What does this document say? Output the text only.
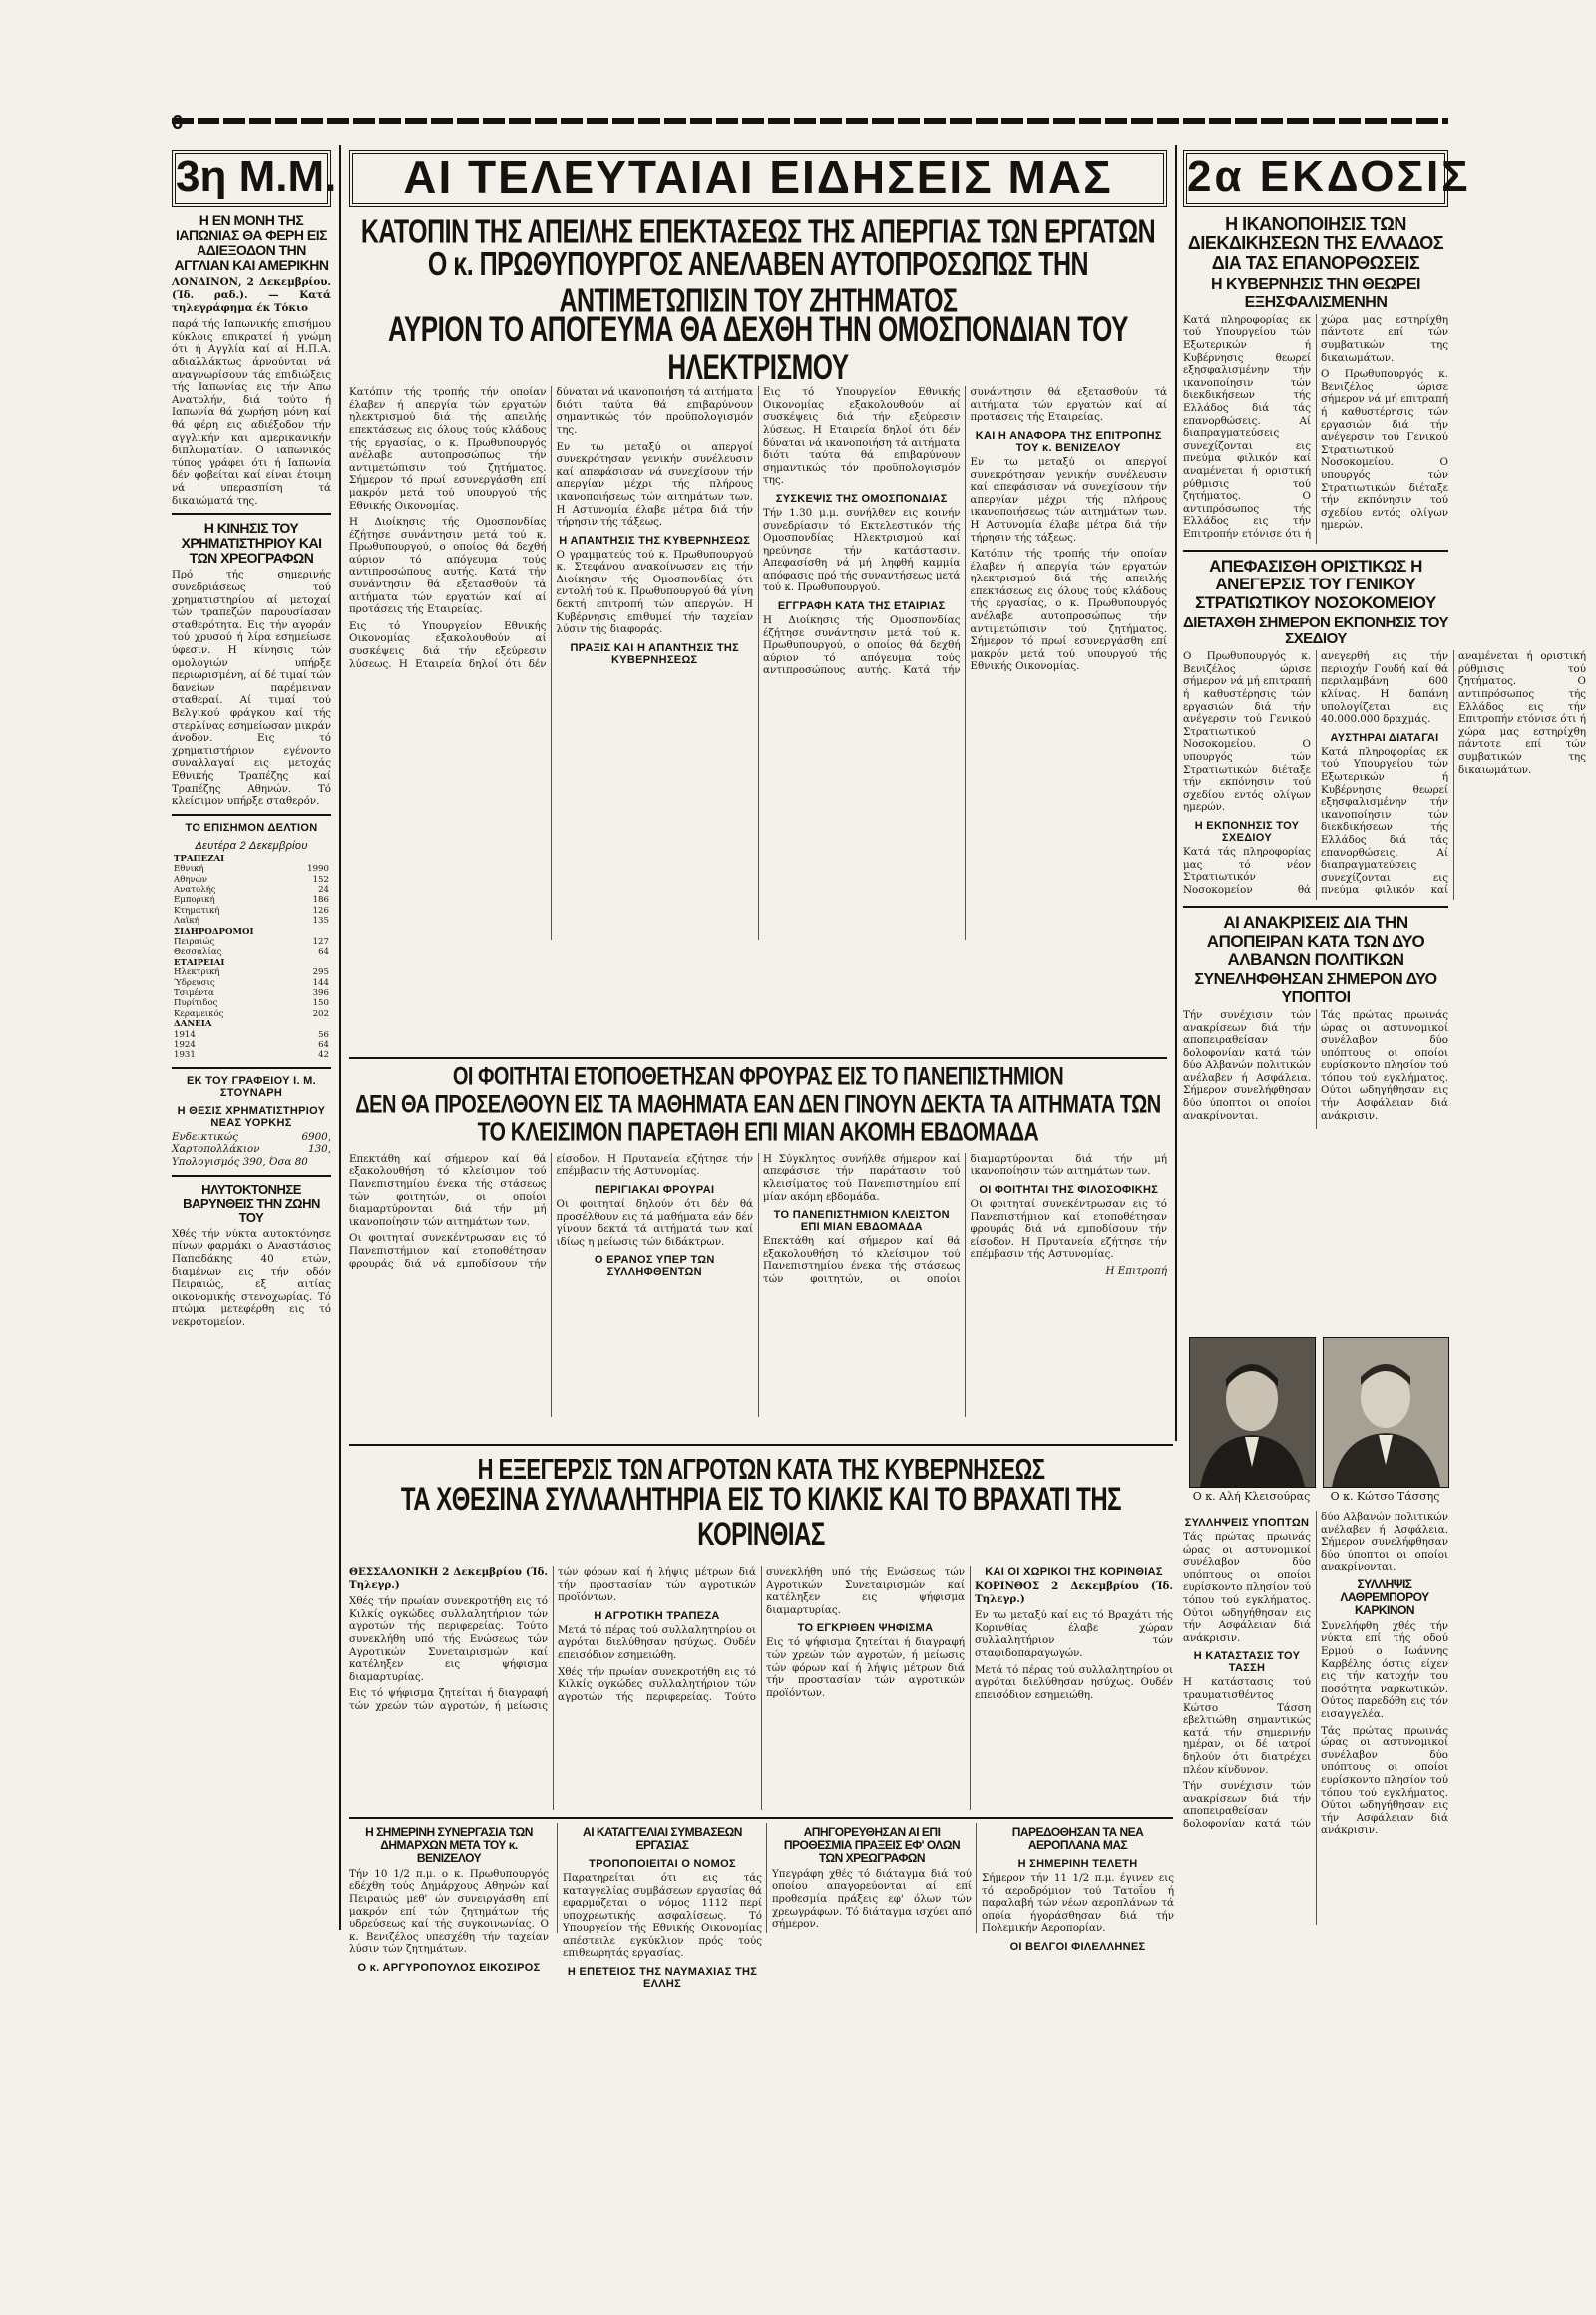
3η Μ.Μ.
Η ΕΝ ΜΟΝΗ ΤΗΣ ΙΑΠΩΝΙΑΣ ΘΑ ΦΕΡΗ ΕΙΣ ΑΔΙΕΞΟΔΟΝ ΤΗΝ ΑΓΓΛΙΑΝ ΚΑΙ ΑΜΕΡΙΚΗΝ

ΛΟΝΔΙΝΟΝ, 2 Δεκεμβρίου. (Ίδ. ραδ.). — Κατά τηλεγράφημα έκ Τόκιο

παρά τής Ιαπωνικής επισήμου κύκλοις επικρατεί ή γνώμη ότι ή Αγγλία καί αί Η.Π.Α. αδιαλλάκτως άρνούνται νά αναγνωρίσουν τάς επιδιώξεις τής Ιαπωνίας εις τήν Απω Ανατολήν, διά τούτο ή Ιαπωνία θά χωρήση μόνη καί θά φέρη εις αδιέξοδον τήν αγγλικήν και αμερικανικήν διπλωματίαν. Ο ιαπωνικός τύπος γράφει ότι ή Ιαπωνία δέν φοβείται καί είναι έτοιμη νά υπερασπίση τά δικαιώματά της.

Η ΚΙΝΗΣΙΣ ΤΟΥ ΧΡΗΜΑΤΙΣΤΗΡΙΟΥ ΚΑΙ ΤΩΝ ΧΡΕΟΓΡΑΦΩΝ

Πρό τής σημερινής συνεδριάσεως τού χρηματιστηρίου αί μετοχαί τών τραπεζών παρουσίασαν σταθερότητα. Εις τήν αγοράν τού χρυσού ή λίρα εσημείωσε ύφεσιν. Η κίνησις τών ομολογιών υπήρξε περιωρισμένη, αί δέ τιμαί τών δανείων παρέμειναν σταθεραί. Αί τιμαί τού Βελγικού φράγκου καί τής στερλίνας εσημείωσαν μικράν άνοδον. Εις τό χρηματιστήριον εγένοντο συναλλαγαί εις μετοχάς Εθνικής Τραπέζης καί Τραπέζης Αθηνών. Τό κλείσιμον υπήρξε σταθερόν.

ΤΟ ΕΠΙΣΗΜΟΝ ΔΕΛΤΙΟΝ
Δευτέρα 2 Δεκεμβρίου
ΤΡΑΠΕΖΑΙ	
Εθνική	1990
Αθηνών	152
Ανατολής	24
Εμπορική	186
Κτηματική	126
Λαϊκή	135
ΣΙΔΗΡΟΔΡΟΜΟΙ	
Πειραιώς	127
Θεσσαλίας	64
ΕΤΑΙΡΕΙΑΙ	
Ηλεκτρική	295
Ύδρευσις	144
Τσιμέντα	396
Πυρίτιδος	150
Κεραμεικός	202
ΔΑΝΕΙΑ	
1914	56
1924	64
1931	42
ΕΚ ΤΟΥ ΓΡΑΦΕΙΟΥ Ι. Μ. ΣΤΟΥΝΑΡΗ
Η ΘΕΣΙΣ ΧΡΗΜΑΤΙΣΤΗΡΙΟΥ ΝΕΑΣ ΥΟΡΚΗΣ

Ενδεικτικώς 6900, Χαρτοπολλάκιον 130, Υπολογισμός 390, Όσα 80

ΗΛΥΤΟΚΤΟΝΗΣΕ ΒΑΡΥΝΘΕΙΣ ΤΗΝ ΖΩΗΝ ΤΟΥ

Χθές τήν νύκτα αυτοκτόνησε πίνων φαρμάκι ο Αναστάσιος Παπαδάκης 40 ετών, διαμένων εις τήν οδόν Πειραιώς, εξ αιτίας οικονομικής στενοχωρίας. Τό πτώμα μετεφέρθη εις τό νεκροτομείον.

ΑΙ ΤΕΛΕΥΤΑΙΑΙ ΕΙΔΗΣΕΙΣ ΜΑΣ
ΚΑΤΟΠΙΝ ΤΗΣ ΑΠΕΙΛΗΣ ΕΠΕΚΤΑΣΕΩΣ ΤΗΣ ΑΠΕΡΓΙΑΣ ΤΩΝ ΕΡΓΑΤΩΝ
Ο κ. ΠΡΩΘΥΠΟΥΡΓΟΣ ΑΝΕΛΑΒΕΝ ΑΥΤΟΠΡΟΣΩΠΩΣ ΤΗΝ ΑΝΤΙΜΕΤΩΠΙΣΙΝ ΤΟΥ ΖΗΤΗΜΑΤΟΣ
ΑΥΡΙΟΝ ΤΟ ΑΠΟΓΕΥΜΑ ΘΑ ΔΕΧΘΗ ΤΗΝ ΟΜΟΣΠΟΝΔΙΑΝ ΤΟΥ ΗΛΕΚΤΡΙΣΜΟΥ

Κατόπιν τής τροπής τήν οποίαν έλαβεν ή απεργία τών εργατών ηλεκτρισμού διά τής απειλής επεκτάσεως εις όλους τούς κλάδους τής εργασίας, ο κ. Πρωθυπουργός ανέλαβε αυτοπροσώπως τήν αντιμετώπισιν τού ζητήματος. Σήμερον τό πρωί εσυνεργάσθη επί μακρόν μετά τού υπουργού τής Εθνικής Οικονομίας.

Η Διοίκησις τής Ομοσπονδίας έζήτησε συνάντησιν μετά τού κ. Πρωθυπουργού, ο οποίος θά δεχθή αύριον τό απόγευμα τούς αντιπροσώπους αυτής. Κατά τήν συνάντησιν θά εξετασθούν τά αιτήματα τών εργατών καί αί προτάσεις τής Εταιρείας.

Εις τό Υπουργείον Εθνικής Οικονομίας εξακολουθούν αί συσκέψεις διά τήν εξεύρεσιν λύσεως. Η Εταιρεία δηλοί ότι δέν δύναται νά ικανοποιήση τά αιτήματα διότι ταύτα θά επιβαρύνουν σημαντικώς τόν προϋπολογισμόν της.

Εν τω μεταξύ οι απεργοί συνεκρότησαν γενικήν συνέλευσιν καί απεφάσισαν νά συνεχίσουν τήν απεργίαν μέχρι τής πλήρους ικανοποιήσεως τών αιτημάτων των. Η Αστυνομία έλαβε μέτρα διά τήν τήρησιν τής τάξεως.

Η ΑΠΑΝΤΗΣΙΣ ΤΗΣ ΚΥΒΕΡΝΗΣΕΩΣ

Ο γραμματεύς τού κ. Πρωθυπουργού κ. Στεφάνου ανακοίνωσεν εις τήν Διοίκησιν τής Ομοσπονδίας ότι εντολή τού κ. Πρωθυπουργού θά γίνη δεκτή επιτροπή τών απεργών. Η Κυβέρνησις επιθυμεί τήν ταχείαν λύσιν τής διαφοράς.

ΠΡΑΞΙΣ ΚΑΙ Η ΑΠΑΝΤΗΣΙΣ ΤΗΣ ΚΥΒΕΡΝΗΣΕΩΣ

Εις τό Υπουργείον Εθνικής Οικονομίας εξακολουθούν αί συσκέψεις διά τήν εξεύρεσιν λύσεως. Η Εταιρεία δηλοί ότι δέν δύναται νά ικανοποιήση τά αιτήματα διότι ταύτα θά επιβαρύνουν σημαντικώς τόν προϋπολογισμόν της.

ΣΥΣΚΕΨΙΣ ΤΗΣ ΟΜΟΣΠΟΝΔΙΑΣ

Τήν 1.30 μ.μ. συνήλθεν εις κοινήν συνεδρίασιν τό Εκτελεστικόν τής Ομοσπονδίας Ηλεκτρισμού καί ηρεύνησε τήν κατάστασιν. Απεφασίσθη νά μή ληφθή καμμία απόφασις πρό τής συναντήσεως μετά τού κ. Πρωθυπουργού.

ΕΓΓΡΑΦΗ ΚΑΤΑ ΤΗΣ ΕΤΑΙΡΙΑΣ

Η Διοίκησις τής Ομοσπονδίας έζήτησε συνάντησιν μετά τού κ. Πρωθυπουργού, ο οποίος θά δεχθή αύριον τό απόγευμα τούς αντιπροσώπους αυτής. Κατά τήν συνάντησιν θά εξετασθούν τά αιτήματα τών εργατών καί αί προτάσεις τής Εταιρείας.

ΚΑΙ Η ΑΝΑΦΟΡΑ ΤΗΣ ΕΠΙΤΡΟΠΗΣ ΤΟΥ κ. ΒΕΝΙΖΕΛΟΥ

Εν τω μεταξύ οι απεργοί συνεκρότησαν γενικήν συνέλευσιν καί απεφάσισαν νά συνεχίσουν τήν απεργίαν μέχρι τής πλήρους ικανοποιήσεως τών αιτημάτων των. Η Αστυνομία έλαβε μέτρα διά τήν τήρησιν τής τάξεως.

Κατόπιν τής τροπής τήν οποίαν έλαβεν ή απεργία τών εργατών ηλεκτρισμού διά τής απειλής επεκτάσεως εις όλους τούς κλάδους τής εργασίας, ο κ. Πρωθυπουργός ανέλαβε αυτοπροσώπως τήν αντιμετώπισιν τού ζητήματος. Σήμερον τό πρωί εσυνεργάσθη επί μακρόν μετά τού υπουργού τής Εθνικής Οικονομίας.

ΟΙ ΦΟΙΤΗΤΑΙ ΕΤΟΠΟΘΕΤΗΣΑΝ ΦΡΟΥΡΑΣ ΕΙΣ ΤΟ ΠΑΝΕΠΙΣΤΗΜΙΟΝ
ΔΕΝ ΘΑ ΠΡΟΣΕΛΘΟΥΝ ΕΙΣ ΤΑ ΜΑΘΗΜΑΤΑ ΕΑΝ ΔΕΝ ΓΙΝΟΥΝ ΔΕΚΤΑ ΤΑ ΑΙΤΗΜΑΤΑ ΤΩΝ
ΤΟ ΚΛΕΙΣΙΜΟΝ ΠΑΡΕΤΑΘΗ ΕΠΙ ΜΙΑΝ ΑΚΟΜΗ ΕΒΔΟΜΑΔΑ

Επεκτάθη καί σήμερον καί θά εξακολουθήση τό κλείσιμον τού Πανεπιστημίου ένεκα τής στάσεως τών φοιτητών, οι οποίοι διαμαρτύρονται διά τήν μή ικανοποίησιν τών αιτημάτων των.

Οι φοιτηταί συνεκέντρωσαν εις τό Πανεπιστήμιον καί ετοποθέτησαν φρουράς διά νά εμποδίσουν τήν είσοδον. Η Πρυτανεία εζήτησε τήν επέμβασιν τής Αστυνομίας.

ΠΕΡΙΓΙΑΚΑΙ ΦΡΟΥΡΑΙ

Οι φοιτηταί δηλούν ότι δέν θά προσέλθουν εις τά μαθήματα εάν δέν γίνουν δεκτά τά αιτήματά των καί ιδίως η μείωσις τών διδάκτρων.

Ο ΕΡΑΝΟΣ ΥΠΕΡ ΤΩΝ ΣΥΛΛΗΦΘΕΝΤΩΝ

Η Σύγκλητος συνήλθε σήμερον καί απεφάσισε τήν παράτασιν τού κλεισίματος τού Πανεπιστημίου επί μίαν ακόμη εβδομάδα.

ΤΟ ΠΑΝΕΠΙΣΤΗΜΙΟΝ ΚΛΕΙΣΤΟΝ ΕΠΙ ΜΙΑΝ ΕΒΔΟΜΑΔΑ

Επεκτάθη καί σήμερον καί θά εξακολουθήση τό κλείσιμον τού Πανεπιστημίου ένεκα τής στάσεως τών φοιτητών, οι οποίοι διαμαρτύρονται διά τήν μή ικανοποίησιν τών αιτημάτων των.

ΟΙ ΦΟΙΤΗΤΑΙ ΤΗΣ ΦΙΛΟΣΟΦΙΚΗΣ

Οι φοιτηταί συνεκέντρωσαν εις τό Πανεπιστήμιον καί ετοποθέτησαν φρουράς διά νά εμποδίσουν τήν είσοδον. Η Πρυτανεία εζήτησε τήν επέμβασιν τής Αστυνομίας.

Η Επιτροπή

2α ΕΚΔΟΣΙΣ
Η ΙΚΑΝΟΠΟΙΗΣΙΣ ΤΩΝ ΔΙΕΚΔΙΚΗΣΕΩΝ ΤΗΣ ΕΛΛΑΔΟΣ ΔΙΑ ΤΑΣ ΕΠΑΝΟΡΘΩΣΕΙΣ
Η ΚΥΒΕΡΝΗΣΙΣ ΤΗΝ ΘΕΩΡΕΙ ΕΞΗΣΦΑΛΙΣΜΕΝΗΝ

Κατά πληροφορίας εκ τού Υπουργείου τών Εξωτερικών ή Κυβέρνησις θεωρεί εξησφαλισμένην τήν ικανοποίησιν τών διεκδικήσεων τής Ελλάδος διά τάς επανορθώσεις. Αί διαπραγματεύσεις συνεχίζονται εις πνεύμα φιλικόν καί αναμένεται ή οριστική ρύθμισις τού ζητήματος. Ο αντιπρόσωπος τής Ελλάδος εις τήν Επιτροπήν ετόνισε ότι ή χώρα μας εστηρίχθη πάντοτε επί τών συμβατικών της δικαιωμάτων.

Ο Πρωθυπουργός κ. Βενιζέλος ώρισε σήμερον νά μή επιτραπή ή καθυστέρησις τών εργασιών διά τήν ανέγερσιν τού Γενικού Στρατιωτικού Νοσοκομείου. Ο υπουργός τών Στρατιωτικών διέταξε τήν εκπόνησιν τού σχεδίου εντός ολίγων ημερών.

ΑΠΕΦΑΣΙΣΘΗ ΟΡΙΣΤΙΚΩΣ Η ΑΝΕΓΕΡΣΙΣ ΤΟΥ ΓΕΝΙΚΟΥ ΣΤΡΑΤΙΩΤΙΚΟΥ ΝΟΣΟΚΟΜΕΙΟΥ
ΔΙΕΤΑΧΘΗ ΣΗΜΕΡΟΝ ΕΚΠΟΝΗΣΙΣ ΤΟΥ ΣΧΕΔΙΟΥ

Ο Πρωθυπουργός κ. Βενιζέλος ώρισε σήμερον νά μή επιτραπή ή καθυστέρησις τών εργασιών διά τήν ανέγερσιν τού Γενικού Στρατιωτικού Νοσοκομείου. Ο υπουργός τών Στρατιωτικών διέταξε τήν εκπόνησιν τού σχεδίου εντός ολίγων ημερών.

Η ΕΚΠΟΝΗΣΙΣ ΤΟΥ ΣΧΕΔΙΟΥ

Κατά τάς πληροφορίας μας τό νέον Στρατιωτικόν Νοσοκομείον θά ανεγερθή εις τήν περιοχήν Γουδή καί θά περιλαμβάνη 600 κλίνας. Η δαπάνη υπολογίζεται εις 40.000.000 δραχμάς.

ΑΥΣΤΗΡΑΙ ΔΙΑΤΑΓΑΙ

Κατά πληροφορίας εκ τού Υπουργείου τών Εξωτερικών ή Κυβέρνησις θεωρεί εξησφαλισμένην τήν ικανοποίησιν τών διεκδικήσεων τής Ελλάδος διά τάς επανορθώσεις. Αί διαπραγματεύσεις συνεχίζονται εις πνεύμα φιλικόν καί αναμένεται ή οριστική ρύθμισις τού ζητήματος. Ο αντιπρόσωπος τής Ελλάδος εις τήν Επιτροπήν ετόνισε ότι ή χώρα μας εστηρίχθη πάντοτε επί τών συμβατικών της δικαιωμάτων.

ΑΙ ΑΝΑΚΡΙΣΕΙΣ ΔΙΑ ΤΗΝ ΑΠΟΠΕΙΡΑΝ ΚΑΤΑ ΤΩΝ ΔΥΟ ΑΛΒΑΝΩΝ ΠΟΛΙΤΙΚΩΝ
ΣΥΝΕΛΗΦΘΗΣΑΝ ΣΗΜΕΡΟΝ ΔΥΟ ΥΠΟΠΤΟΙ

Τήν συνέχισιν τών ανακρίσεων διά τήν αποπειραθείσαν δολοφονίαν κατά τών δύο Αλβανών πολιτικών ανέλαβεν ή Ασφάλεια. Σήμερον συνελήφθησαν δύο ύποπτοι οι οποίοι ανακρίνονται.

Τάς πρώτας πρωινάς ώρας οι αστυνομικοί συνέλαβον δύο υπόπτους οι οποίοι ευρίσκοντο πλησίον τού τόπου τού εγκλήματος. Ούτοι ωδηγήθησαν εις τήν Ασφάλειαν διά ανάκρισιν.

Ο κ. Αλή Κλεισούρας	Ο κ. Κώτσο Τάσσης
ΣΥΛΛΗΨΕΙΣ ΥΠΟΠΤΩΝ

Τάς πρώτας πρωινάς ώρας οι αστυνομικοί συνέλαβον δύο υπόπτους οι οποίοι ευρίσκοντο πλησίον τού τόπου τού εγκλήματος. Ούτοι ωδηγήθησαν εις τήν Ασφάλειαν διά ανάκρισιν.

Η ΚΑΤΑΣΤΑΣΙΣ ΤΟΥ ΤΑΣΣΗ

Η κατάστασις τού τραυματισθέντος Κώτσο Τάσση εβελτιώθη σημαντικώς κατά τήν σημερινήν ημέραν, οι δέ ιατροί δηλούν ότι διατρέχει πλέον κίνδυνον.

Τήν συνέχισιν τών ανακρίσεων διά τήν αποπειραθείσαν δολοφονίαν κατά τών δύο Αλβανών πολιτικών ανέλαβεν ή Ασφάλεια. Σήμερον συνελήφθησαν δύο ύποπτοι οι οποίοι ανακρίνονται.

ΣΥΛΛΗΨΙΣ ΛΑΘΡΕΜΠΟΡΟΥ ΚΑΡΚΙΝΟΝ

Συνελήφθη χθές τήν νύκτα επί τής οδού Ερμού ο Ιωάννης Καρβέλης όστις είχεν εις τήν κατοχήν του ποσότητα ναρκωτικών. Ούτος παρεδόθη εις τόν εισαγγελέα.

Τάς πρώτας πρωινάς ώρας οι αστυνομικοί συνέλαβον δύο υπόπτους οι οποίοι ευρίσκοντο πλησίον τού τόπου τού εγκλήματος. Ούτοι ωδηγήθησαν εις τήν Ασφάλειαν διά ανάκρισιν.

Η ΕΞΕΓΕΡΣΙΣ ΤΩΝ ΑΓΡΟΤΩΝ ΚΑΤΑ ΤΗΣ ΚΥΒΕΡΝΗΣΕΩΣ
ΤΑ ΧΘΕΣΙΝΑ ΣΥΛΛΑΛΗΤΗΡΙΑ ΕΙΣ ΤΟ ΚΙΛΚΙΣ ΚΑΙ ΤΟ ΒΡΑΧΑΤΙ ΤΗΣ ΚΟΡΙΝΘΙΑΣ

ΘΕΣΣΑΛΟΝΙΚΗ 2 Δεκεμβρίου (Ίδ. Τηλεγρ.)

Χθές τήν πρωίαν συνεκροτήθη εις τό Κιλκίς ογκώδες συλλαλητήριον τών αγροτών τής περιφερείας. Τούτο συνεκλήθη υπό τής Ενώσεως τών Αγροτικών Συνεταιρισμών καί κατέληξεν εις ψήφισμα διαμαρτυρίας.

Εις τό ψήφισμα ζητείται ή διαγραφή τών χρεών τών αγροτών, ή μείωσις τών φόρων καί ή λήψις μέτρων διά τήν προστασίαν τών αγροτικών προϊόντων.

Η ΑΓΡΟΤΙΚΗ ΤΡΑΠΕΖΑ

Μετά τό πέρας τού συλλαλητηρίου οι αγρόται διελύθησαν ησύχως. Ουδέν επεισόδιον εσημειώθη.

Χθές τήν πρωίαν συνεκροτήθη εις τό Κιλκίς ογκώδες συλλαλητήριον τών αγροτών τής περιφερείας. Τούτο συνεκλήθη υπό τής Ενώσεως τών Αγροτικών Συνεταιρισμών καί κατέληξεν εις ψήφισμα διαμαρτυρίας.

ΤΟ ΕΓΚΡΙΘΕΝ ΨΗΦΙΣΜΑ

Εις τό ψήφισμα ζητείται ή διαγραφή τών χρεών τών αγροτών, ή μείωσις τών φόρων καί ή λήψις μέτρων διά τήν προστασίαν τών αγροτικών προϊόντων.

ΚΑΙ ΟΙ ΧΩΡΙΚΟΙ ΤΗΣ ΚΟΡΙΝΘΙΑΣ

ΚΟΡΙΝΘΟΣ 2 Δεκεμβρίου (Ίδ. Τηλεγρ.)

Εν τω μεταξύ καί εις τό Βραχάτι τής Κορινθίας έλαβε χώραν συλλαλητήριον τών σταφιδοπαραγωγών.

Μετά τό πέρας τού συλλαλητηρίου οι αγρόται διελύθησαν ησύχως. Ουδέν επεισόδιον εσημειώθη.

Η ΣΗΜΕΡΙΝΗ ΣΥΝΕΡΓΑΣΙΑ ΤΩΝ ΔΗΜΑΡΧΩΝ ΜΕΤΑ ΤΟΥ κ. ΒΕΝΙΖΕΛΟΥ

Τήν 10 1/2 π.μ. ο κ. Πρωθυπουργός εδέχθη τούς Δημάρχους Αθηνών καί Πειραιώς μεθ' ών συνειργάσθη επί μακρόν επί τών ζητημάτων τής υδρεύσεως καί τής συγκοινωνίας. Ο κ. Βενιζέλος υπεσχέθη τήν ταχείαν λύσιν τών ζητημάτων.

Ο κ. ΑΡΓΥΡΟΠΟΥΛΟΣ ΕΙΚΟΣΙΡΟΣ
ΑΙ ΚΑΤΑΓΓΕΛΙΑΙ ΣΥΜΒΑΣΕΩΝ ΕΡΓΑΣΙΑΣ
ΤΡΟΠΟΠΟΙΕΙΤΑΙ Ο ΝΟΜΟΣ

Παρατηρείται ότι εις τάς καταγγελίας συμβάσεων εργασίας θά εφαρμόζεται ο νόμος 1112 περί υποχρεωτικής ασφαλίσεως. Τό Υπουργείον τής Εθνικής Οικονομίας απέστειλε εγκύκλιον πρός τούς επιθεωρητάς εργασίας.

Η ΕΠΕΤΕΙΟΣ ΤΗΣ ΝΑΥΜΑΧΙΑΣ ΤΗΣ ΕΛΛΗΣ
ΑΠΗΓΟΡΕΥΘΗΣΑΝ ΑΙ ΕΠΙ ΠΡΟΘΕΣΜΙΑ ΠΡΑΞΕΙΣ ΕΦ' ΟΛΩΝ ΤΩΝ ΧΡΕΩΓΡΑΦΩΝ

Υπεγράφη χθές τό διάταγμα διά τού οποίου απαγορεύονται αί επί προθεσμία πράξεις εφ' όλων τών χρεωγράφων. Τό διάταγμα ισχύει από σήμερον.

ΠΑΡΕΔΟΘΗΣΑΝ ΤΑ ΝΕΑ ΑΕΡΟΠΛΑΝΑ ΜΑΣ
Η ΣΗΜΕΡΙΝΗ ΤΕΛΕΤΗ

Σήμερον τήν 11 1/2 π.μ. έγινεν εις τό αεροδρόμιον τού Τατοΐου ή παραλαβή τών νέων αεροπλάνων τά οποία ήγοράσθησαν διά τήν Πολεμικήν Αεροπορίαν.

ΟΙ ΒΕΛΓΟΙ ΦΙΛΕΛΛΗΝΕΣ
